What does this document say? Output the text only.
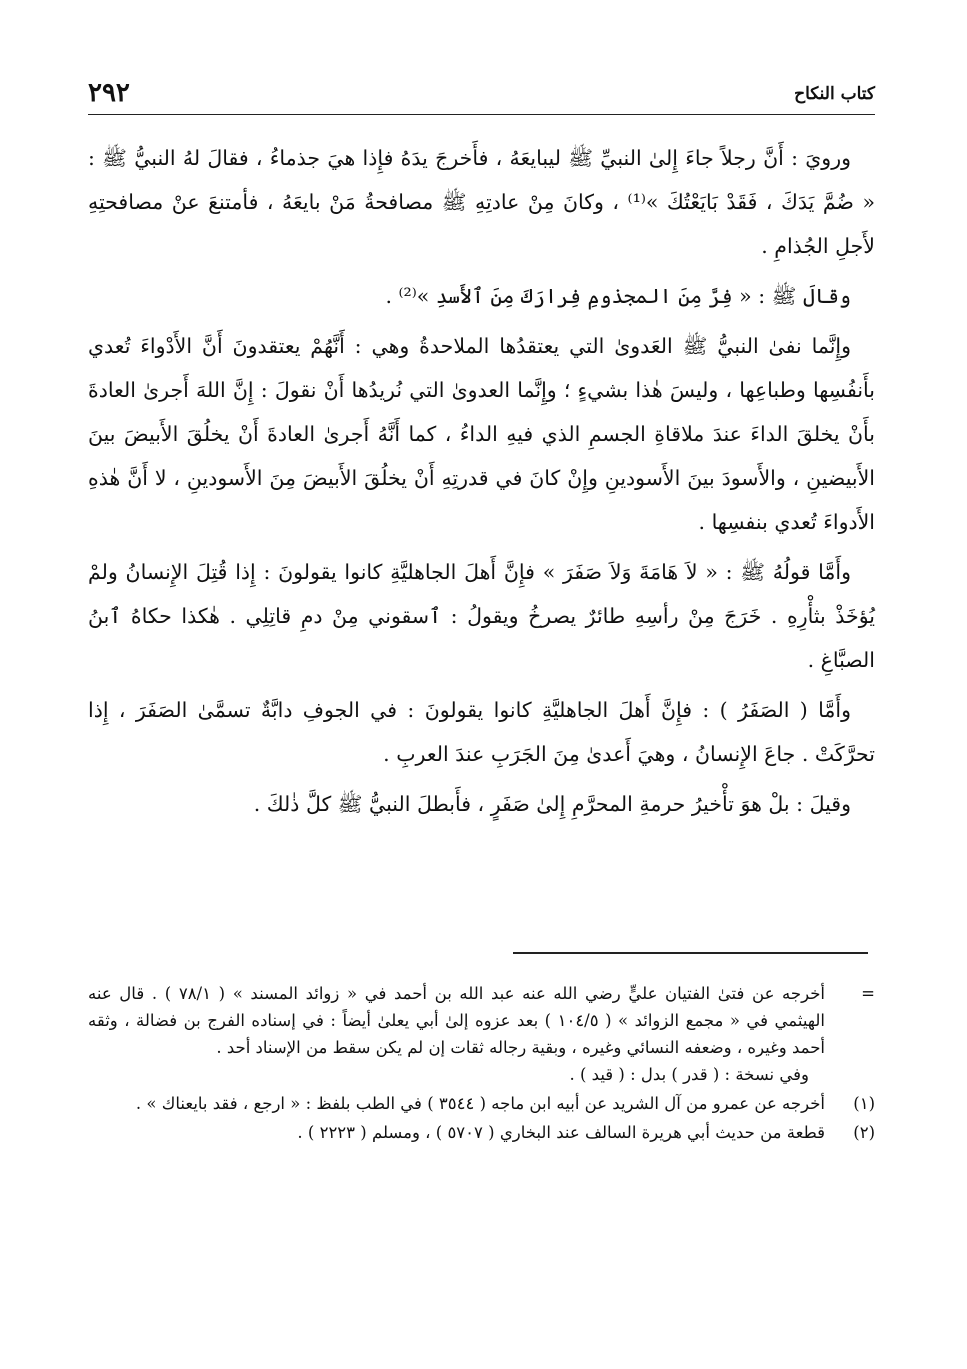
كتاب النكاح
٢٩٢

ورويَ : أَنَّ رجلاً جاءَ إِلىٰ النبيِّ ﷺ ليبايعَهُ ، فأَخرجَ يدَهُ فإِذا هيَ جذماءُ ، فقالَ لهُ النبيُّ ﷺ : « ضُمَّ يَدَكَ ، فَقَدْ بَايَعْتُكَ »⁽¹⁾ ، وكانَ مِنْ عادتِهِ ﷺ مصافحةُ مَنْ بايعَهُ ، فأمتنعَ عنْ مصافحتِهِ لأَجلِ الجُذامِ .

وقالَ ﷺ : « فِرَّ مِنَ المجذومِ فِرارَكَ مِنَ ٱلأَسدِ »⁽²⁾ .

وإِنَّما نفىٰ النبيُّ ﷺ العَدوىٰ التي يعتقدُها الملاحدةُ وهي : أَنَّهُمْ يعتقدونَ أَنَّ الأَدْواءَ تُعدي بأَنفُسِها وطباعِها ، وليسَ هٰذا بشيءٍ ؛ وإِنَّما العدوىٰ التي نُريدُها أَنْ نقولَ : إِنَّ اللهَ أَجرىٰ العادةَ بأَنْ يخلقَ الداءَ عندَ ملاقاةِ الجسمِ الذي فيهِ الداءُ ، كما أَنَّهُ أَجرىٰ العادةَ أَنْ يخلُقَ الأَبيضَ بينَ الأَبيضينِ ، والأَسودَ بينَ الأَسودينِ وإِنْ كانَ في قدرتِهِ أَنْ يخلُقَ الأَبيضَ مِنَ الأَسودينِ ، لا أَنَّ هٰذهِ الأَدواءَ تُعدي بنفسِها .

وأَمَّا قولُهُ ﷺ : « لاَ هَامَةَ وَلاَ صَفَرَ » فإِنَّ أَهلَ الجاهليَّةِ كانوا يقولونَ : إِذا قُتِلَ الإِنسانُ ولمْ يُؤخَذْ بثأْرِهِ . خَرَجَ مِنْ رأسِهِ طائرٌ يصرخُ ويقولُ : ٱسقوني مِنْ دمِ قاتِلِي . هٰكذا حكاهُ ٱبنُ الصبَّاغِ .

وأَمَّا ( الصَفَرُ ) : فإِنَّ أَهلَ الجاهليَّةِ كانوا يقولونَ : في الجوفِ دابَّةٌ تسمَّىٰ الصَفَرَ ، إِذا تحرَّكَتْ . جاعَ الإِنسانُ ، وهيَ أَعدىٰ مِنَ الجَرَبِ عندَ العربِ .

وقيلَ : بلْ هوَ تأْخيرُ حرمةِ المحرَّمِ إِلىٰ صَفَرٍ ، فأَبطلَ النبيُّ ﷺ كلَّ ذٰلكَ .

=
أخرجه عن فتىٰ الفتيان عليٍّ رضي الله عنه عبد الله بن أحمد في « زوائد المسند » ( ٧٨/١ ) . قال عنه الهيثمي في « مجمع الزوائد » ( ١٠٤/٥ ) بعد عزوه إلىٰ أبي يعلىٰ أيضاً : في إسناده الفرج بن فضالة ، وثقه أحمد وغيره ، وضعفه النسائي وغيره ، وبقية رجاله ثقات إن لم يكن سقط من الإسناد أحد .
وفي نسخة : ( قدر ) بدل : ( قيد ) .
(١)
أخرجه عن عمرو من آل الشريد عن أبيه ابن ماجه ( ٣٥٤٤ ) في الطب بلفظ : « ارجع ، فقد بايعناك » .
(٢)
قطعة من حديث أبي هريرة السالف عند البخاري ( ٥٧٠٧ ) ، ومسلم ( ٢٢٢٣ ) .
